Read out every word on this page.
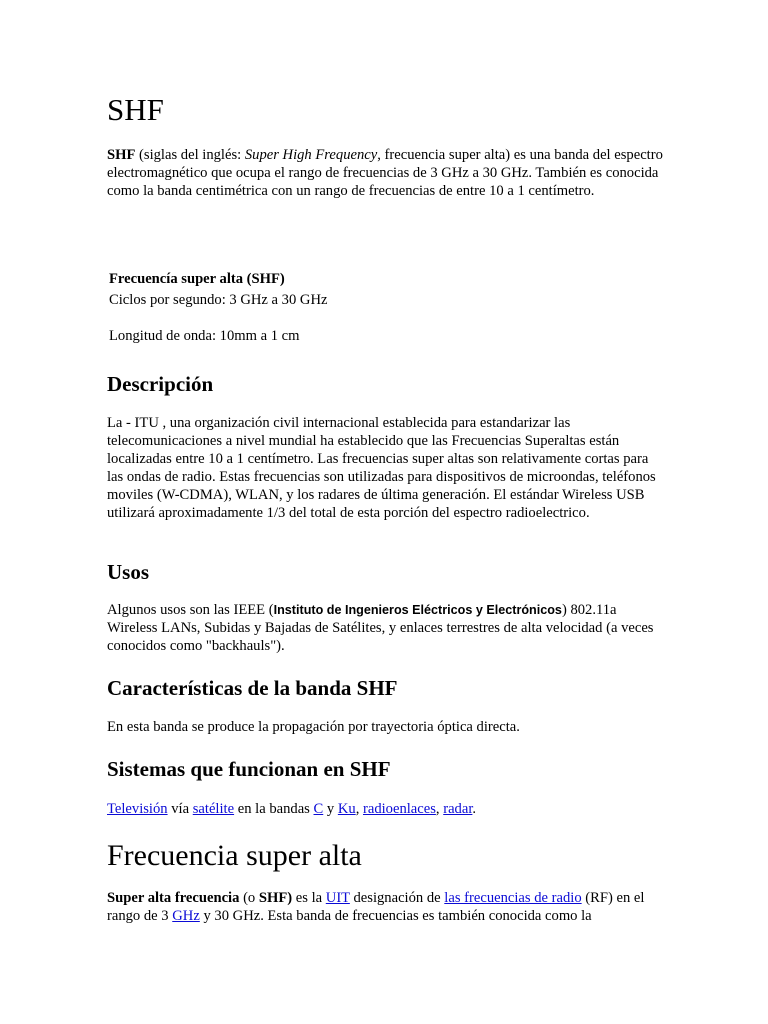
SHF

SHF (siglas del inglés: Super High Frequency, frecuencia super alta) es una banda del espectro electromagnético que ocupa el rango de frecuencias de 3 GHz a 30 GHz. También es conocida como la banda centimétrica con un rango de frecuencias de entre 10 a 1 centímetro.

Frecuencía super alta (SHF)
Ciclos por segundo: 3 GHz a 30 GHz
Longitud de onda: 10mm a 1 cm
Descripción

La - ITU , una organización civil internacional establecida para estandarizar las telecomunicaciones a nivel mundial ha establecido que las Frecuencias Superaltas están localizadas entre 10 a 1 centímetro. Las frecuencias super altas son relativamente cortas para las ondas de radio. Estas frecuencias son utilizadas para dispositivos de microondas, teléfonos moviles (W-CDMA), WLAN, y los radares de última generación. El estándar Wireless USB utilizará aproximadamente 1/3 del total de esta porción del espectro radioelectrico.

Usos

Algunos usos son las IEEE (Instituto de Ingenieros Eléctricos y Electrónicos) 802.11a Wireless LANs, Subidas y Bajadas de Satélites, y enlaces terrestres de alta velocidad (a veces conocidos como "backhauls").

Características de la banda SHF

En esta banda se produce la propagación por trayectoria óptica directa.

Sistemas que funcionan en SHF

Televisión vía satélite en la bandas C y Ku, radioenlaces, radar.

Frecuencia super alta

Super alta frecuencia (o SHF) es la UIT designación de las frecuencias de radio (RF) en el rango de 3 GHz y 30 GHz. Esta banda de frecuencias es también conocida como la
